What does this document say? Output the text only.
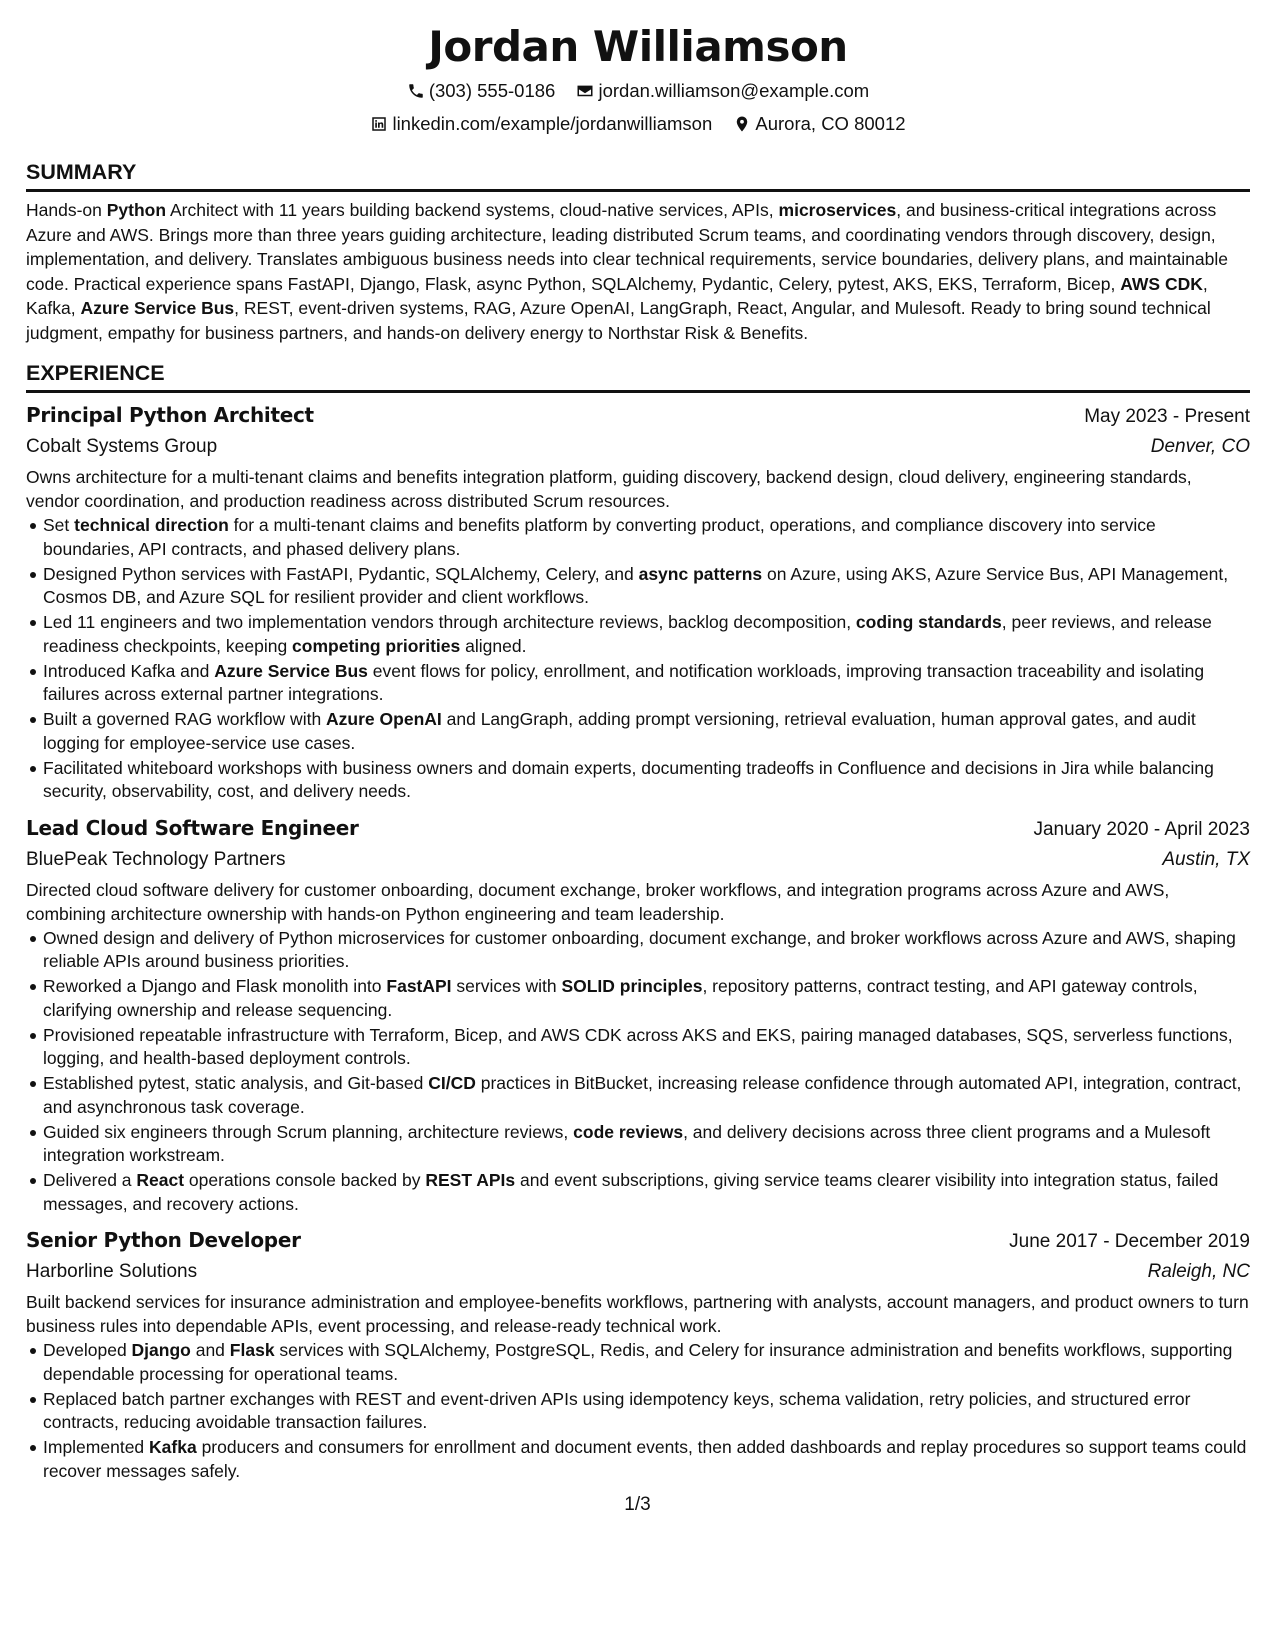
Jordan Williamson
(303) 555-0186
jordan.williamson@example.com
linkedin.com/example/jordanwilliamson
Aurora, CO 80012
SUMMARY

Hands-on Python Architect with 11 years building backend systems, cloud-native services, APIs, microservices, and business-critical integrations across Azure and AWS. Brings more than three years guiding architecture, leading distributed Scrum teams, and coordinating vendors through discovery, design, implementation, and delivery. Translates ambiguous business needs into clear technical requirements, service boundaries, delivery plans, and maintainable code. Practical experience spans FastAPI, Django, Flask, async Python, SQLAlchemy, Pydantic, Celery, pytest, AKS, EKS, Terraform, Bicep, AWS CDK, Kafka, Azure Service Bus, REST, event-driven systems, RAG, Azure OpenAI, LangGraph, React, Angular, and Mulesoft. Ready to bring sound technical judgment, empathy for business partners, and hands-on delivery energy to Northstar Risk & Benefits.

EXPERIENCE
Principal Python Architect	May 2023 - Present
Cobalt Systems Group	Denver, CO
Owns architecture for a multi-tenant claims and benefits integration platform, guiding discovery, backend design, cloud delivery, engineering standards, vendor coordination, and production readiness across distributed Scrum resources.
Set technical direction for a multi-tenant claims and benefits platform by converting product, operations, and compliance discovery into service boundaries, API contracts, and phased delivery plans.
Designed Python services with FastAPI, Pydantic, SQLAlchemy, Celery, and async patterns on Azure, using AKS, Azure Service Bus, API Management, Cosmos DB, and Azure SQL for resilient provider and client workflows.
Led 11 engineers and two implementation vendors through architecture reviews, backlog decomposition, coding standards, peer reviews, and release readiness checkpoints, keeping competing priorities aligned.
Introduced Kafka and Azure Service Bus event flows for policy, enrollment, and notification workloads, improving transaction traceability and isolating failures across external partner integrations.
Built a governed RAG workflow with Azure OpenAI and LangGraph, adding prompt versioning, retrieval evaluation, human approval gates, and audit logging for employee-service use cases.
Facilitated whiteboard workshops with business owners and domain experts, documenting tradeoffs in Confluence and decisions in Jira while balancing security, observability, cost, and delivery needs.
Lead Cloud Software Engineer	January 2020 - April 2023
BluePeak Technology Partners	Austin, TX
Directed cloud software delivery for customer onboarding, document exchange, broker workflows, and integration programs across Azure and AWS, combining architecture ownership with hands-on Python engineering and team leadership.
Owned design and delivery of Python microservices for customer onboarding, document exchange, and broker workflows across Azure and AWS, shaping reliable APIs around business priorities.
Reworked a Django and Flask monolith into FastAPI services with SOLID principles, repository patterns, contract testing, and API gateway controls, clarifying ownership and release sequencing.
Provisioned repeatable infrastructure with Terraform, Bicep, and AWS CDK across AKS and EKS, pairing managed databases, SQS, serverless functions, logging, and health-based deployment controls.
Established pytest, static analysis, and Git-based CI/CD practices in BitBucket, increasing release confidence through automated API, integration, contract, and asynchronous task coverage.
Guided six engineers through Scrum planning, architecture reviews, code reviews, and delivery decisions across three client programs and a Mulesoft integration workstream.
Delivered a React operations console backed by REST APIs and event subscriptions, giving service teams clearer visibility into integration status, failed messages, and recovery actions.
Senior Python Developer	June 2017 - December 2019
Harborline Solutions	Raleigh, NC
Built backend services for insurance administration and employee-benefits workflows, partnering with analysts, account managers, and product owners to turn business rules into dependable APIs, event processing, and release-ready technical work.
Developed Django and Flask services with SQLAlchemy, PostgreSQL, Redis, and Celery for insurance administration and benefits workflows, supporting dependable processing for operational teams.
Replaced batch partner exchanges with REST and event-driven APIs using idempotency keys, schema validation, retry policies, and structured error contracts, reducing avoidable transaction failures.
Implemented Kafka producers and consumers for enrollment and document events, then added dashboards and replay procedures so support teams could recover messages safely.
1/3
